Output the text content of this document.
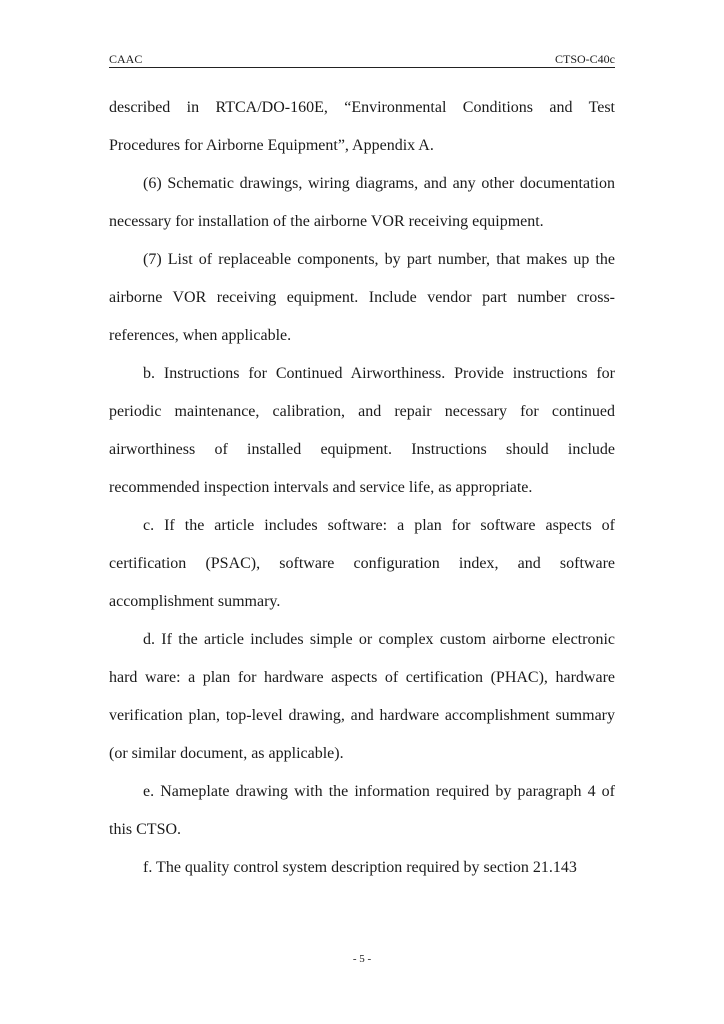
CAAC	CTSO-C40c

described in RTCA/DO-160E, “Environmental Conditions and Test Procedures for Airborne Equipment”, Appendix A.

(6) Schematic drawings, wiring diagrams, and any other documentation necessary for installation of the airborne VOR receiving equipment.

(7) List of replaceable components, by part number, that makes up the airborne VOR receiving equipment. Include vendor part number cross-references, when applicable.

b. Instructions for Continued Airworthiness. Provide instructions for periodic maintenance, calibration, and repair necessary for continued airworthiness of installed equipment. Instructions should include recommended inspection intervals and service life, as appropriate.

c. If the article includes software: a plan for software aspects of certification (PSAC), software configuration index, and software accomplishment summary.

d. If the article includes simple or complex custom airborne electronic hard ware: a plan for hardware aspects of certification (PHAC), hardware verification plan, top-level drawing, and hardware accomplishment summary (or similar document, as applicable).

e. Nameplate drawing with the information required by paragraph 4 of this CTSO.

f. The quality control system description required by section 21.143

- 5 -
